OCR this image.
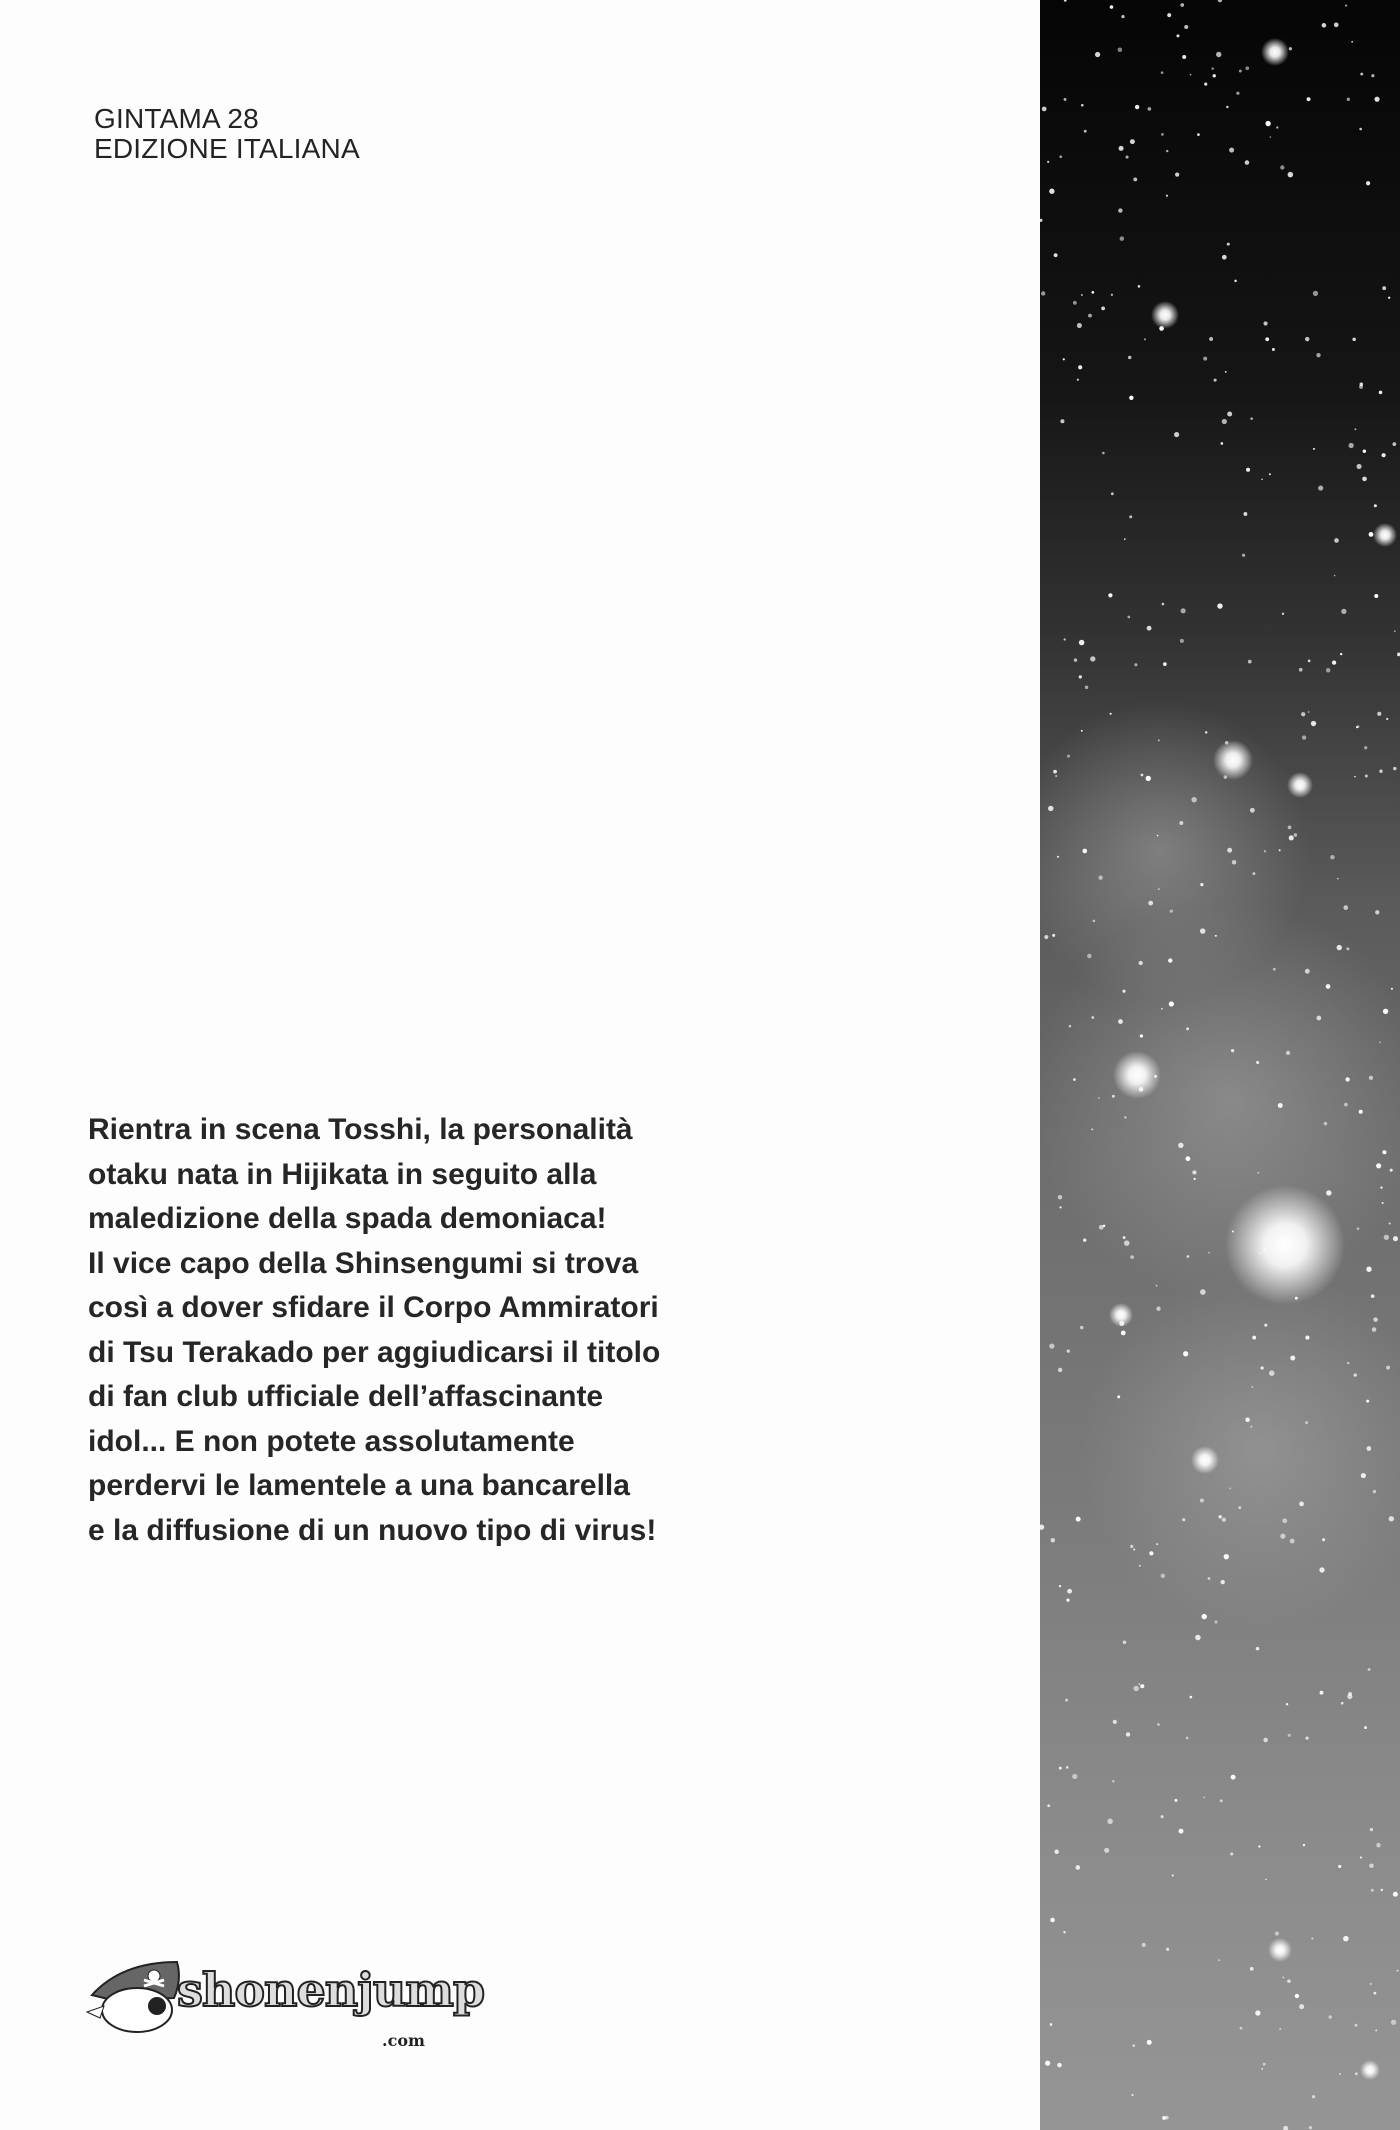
GINTAMA 28
EDIZIONE ITALIANA
Rientra in scena Tosshi, la personalità
otaku nata in Hijikata in seguito alla
maledizione della spada demoniaca!
Il vice capo della Shinsengumi si trova
così a dover sfidare il Corpo Ammiratori
di Tsu Terakado per aggiudicarsi il titolo
di fan club ufficiale dell’affascinante
idol... E non potete assolutamente
perdervi le lamentele a una bancarella
e la diffusione di un nuovo tipo di virus!
shonenjump
.com
